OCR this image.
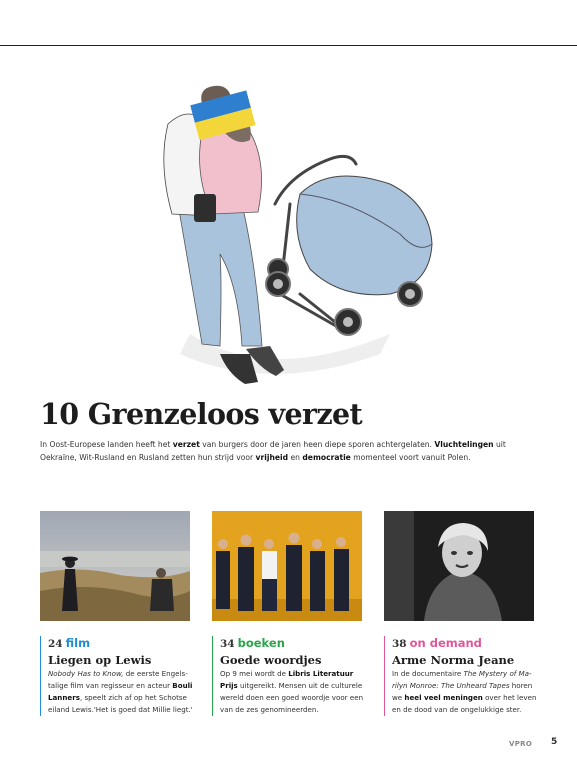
10 Grenzeloos verzet
In Oost-Europese landen heeft het verzet van burgers door de jaren heen diepe sporen achtergelaten. Vluchtelingen uit Oekraïne, Wit-Rusland en Rusland zetten hun strijd voor vrijheid en democratie momenteel voort vanuit Polen.
24 film
Liegen op Lewis
Nobody Has to Know, de eerste Engelstalige film van regisseur en acteur Bouli Lanners, speelt zich af op het Schotse eiland Lewis.'Het is goed dat Millie liegt.'
34 boeken
Goede woordjes
Op 9 mei wordt de Libris Literatuur Prijs uitgereikt. Mensen uit de culturele wereld doen een goed woordje voor een van de zes genomineerden.
38 on demand
Arme Norma Jeane
In de documentaire The Mystery of Marilyn Monroe: The Unheard Tapes horen we heel veel meningen over het leven en de dood van de ongelukkige ster.
VPRO 5
